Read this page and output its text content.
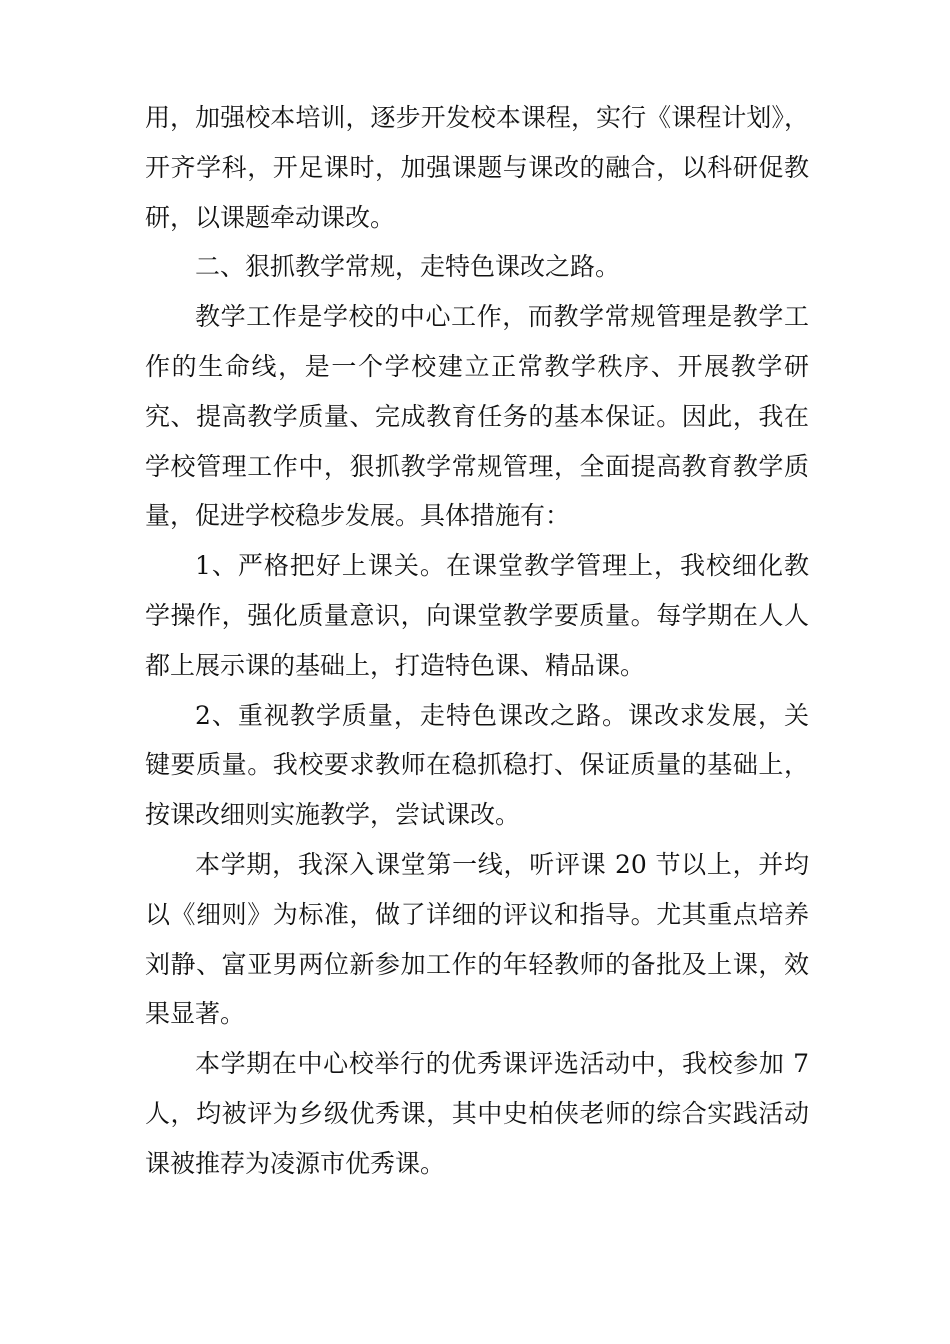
用，加强校本培训，逐步开发校本课程，实行《课程计划》，开齐学科，开足课时，加强课题与课改的融合，以科研促教研，以课题牵动课改。

二、狠抓教学常规，走特色课改之路。

教学工作是学校的中心工作，而教学常规管理是教学工作的生命线，是一个学校建立正常教学秩序、开展教学研究、提高教学质量、完成教育任务的基本保证。因此，我在学校管理工作中，狠抓教学常规管理，全面提高教育教学质量，促进学校稳步发展。具体措施有：

1、严格把好上课关。在课堂教学管理上，我校细化教学操作，强化质量意识，向课堂教学要质量。每学期在人人都上展示课的基础上，打造特色课、精品课。

2、重视教学质量，走特色课改之路。课改求发展，关键要质量。我校要求教师在稳抓稳打、保证质量的基础上，按课改细则实施教学，尝试课改。

本学期，我深入课堂第一线，听评课 20 节以上，并均以《细则》为标准，做了详细的评议和指导。尤其重点培养刘静、富亚男两位新参加工作的年轻教师的备批及上课，效果显著。

本学期在中心校举行的优秀课评选活动中，我校参加 7 人，均被评为乡级优秀课，其中史柏侠老师的综合实践活动课被推荐为凌源市优秀课。
